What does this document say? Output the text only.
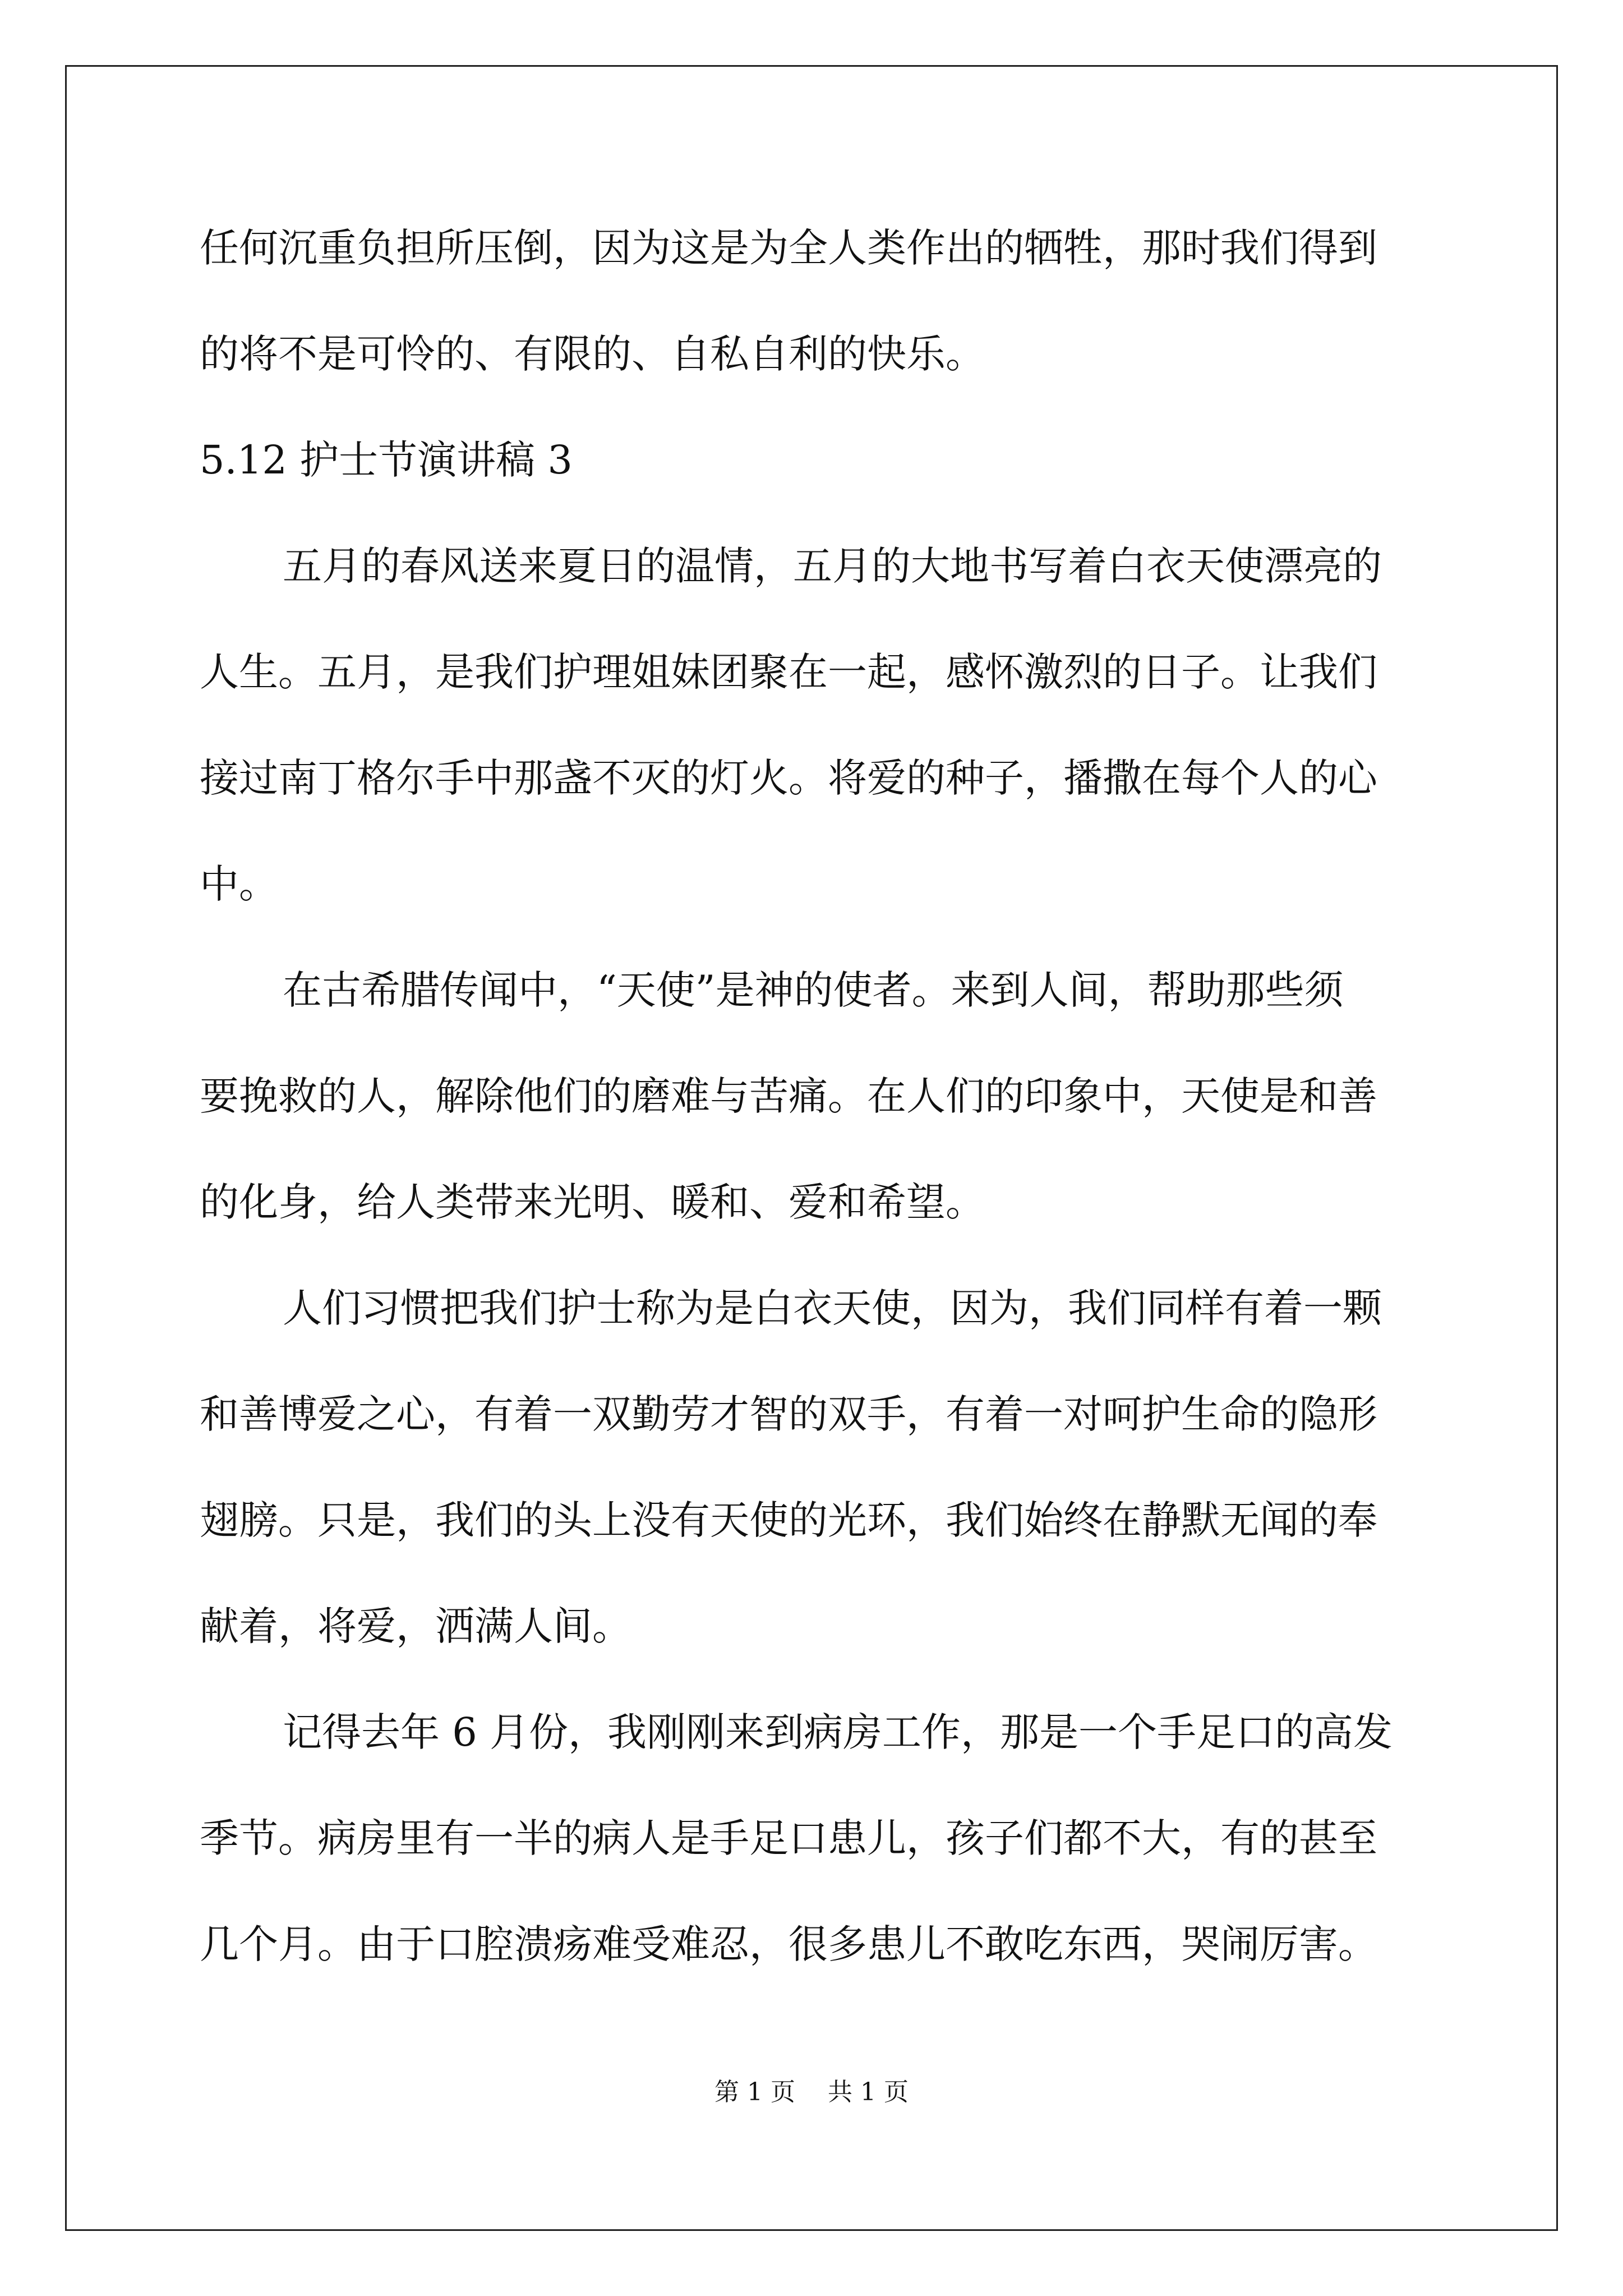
任何沉重负担所压倒，因为这是为全人类作出的牺牲，那时我们得到
的将不是可怜的、有限的、自私自利的快乐。
5.12 护士节演讲稿 3
五月的春风送来夏日的温情，五月的大地书写着白衣天使漂亮的
人生。五月，是我们护理姐妹团聚在一起，感怀激烈的日子。让我们
接过南丁格尔手中那盏不灭的灯火。将爱的种子，播撒在每个人的心
中。
在古希腊传闻中，“天使”是神的使者。来到人间，帮助那些须
要挽救的人，解除他们的磨难与苦痛。在人们的印象中，天使是和善
的化身，给人类带来光明、暖和、爱和希望。
人们习惯把我们护士称为是白衣天使，因为，我们同样有着一颗
和善博爱之心，有着一双勤劳才智的双手，有着一对呵护生命的隐形
翅膀。只是，我们的头上没有天使的光环，我们始终在静默无闻的奉
献着，将爱，洒满人间。
记得去年 6 月份，我刚刚来到病房工作，那是一个手足口的高发
季节。病房里有一半的病人是手足口患儿，孩子们都不大，有的甚至
几个月。由于口腔溃疡难受难忍，很多患儿不敢吃东西，哭闹厉害。
第 1 页 共 1 页
